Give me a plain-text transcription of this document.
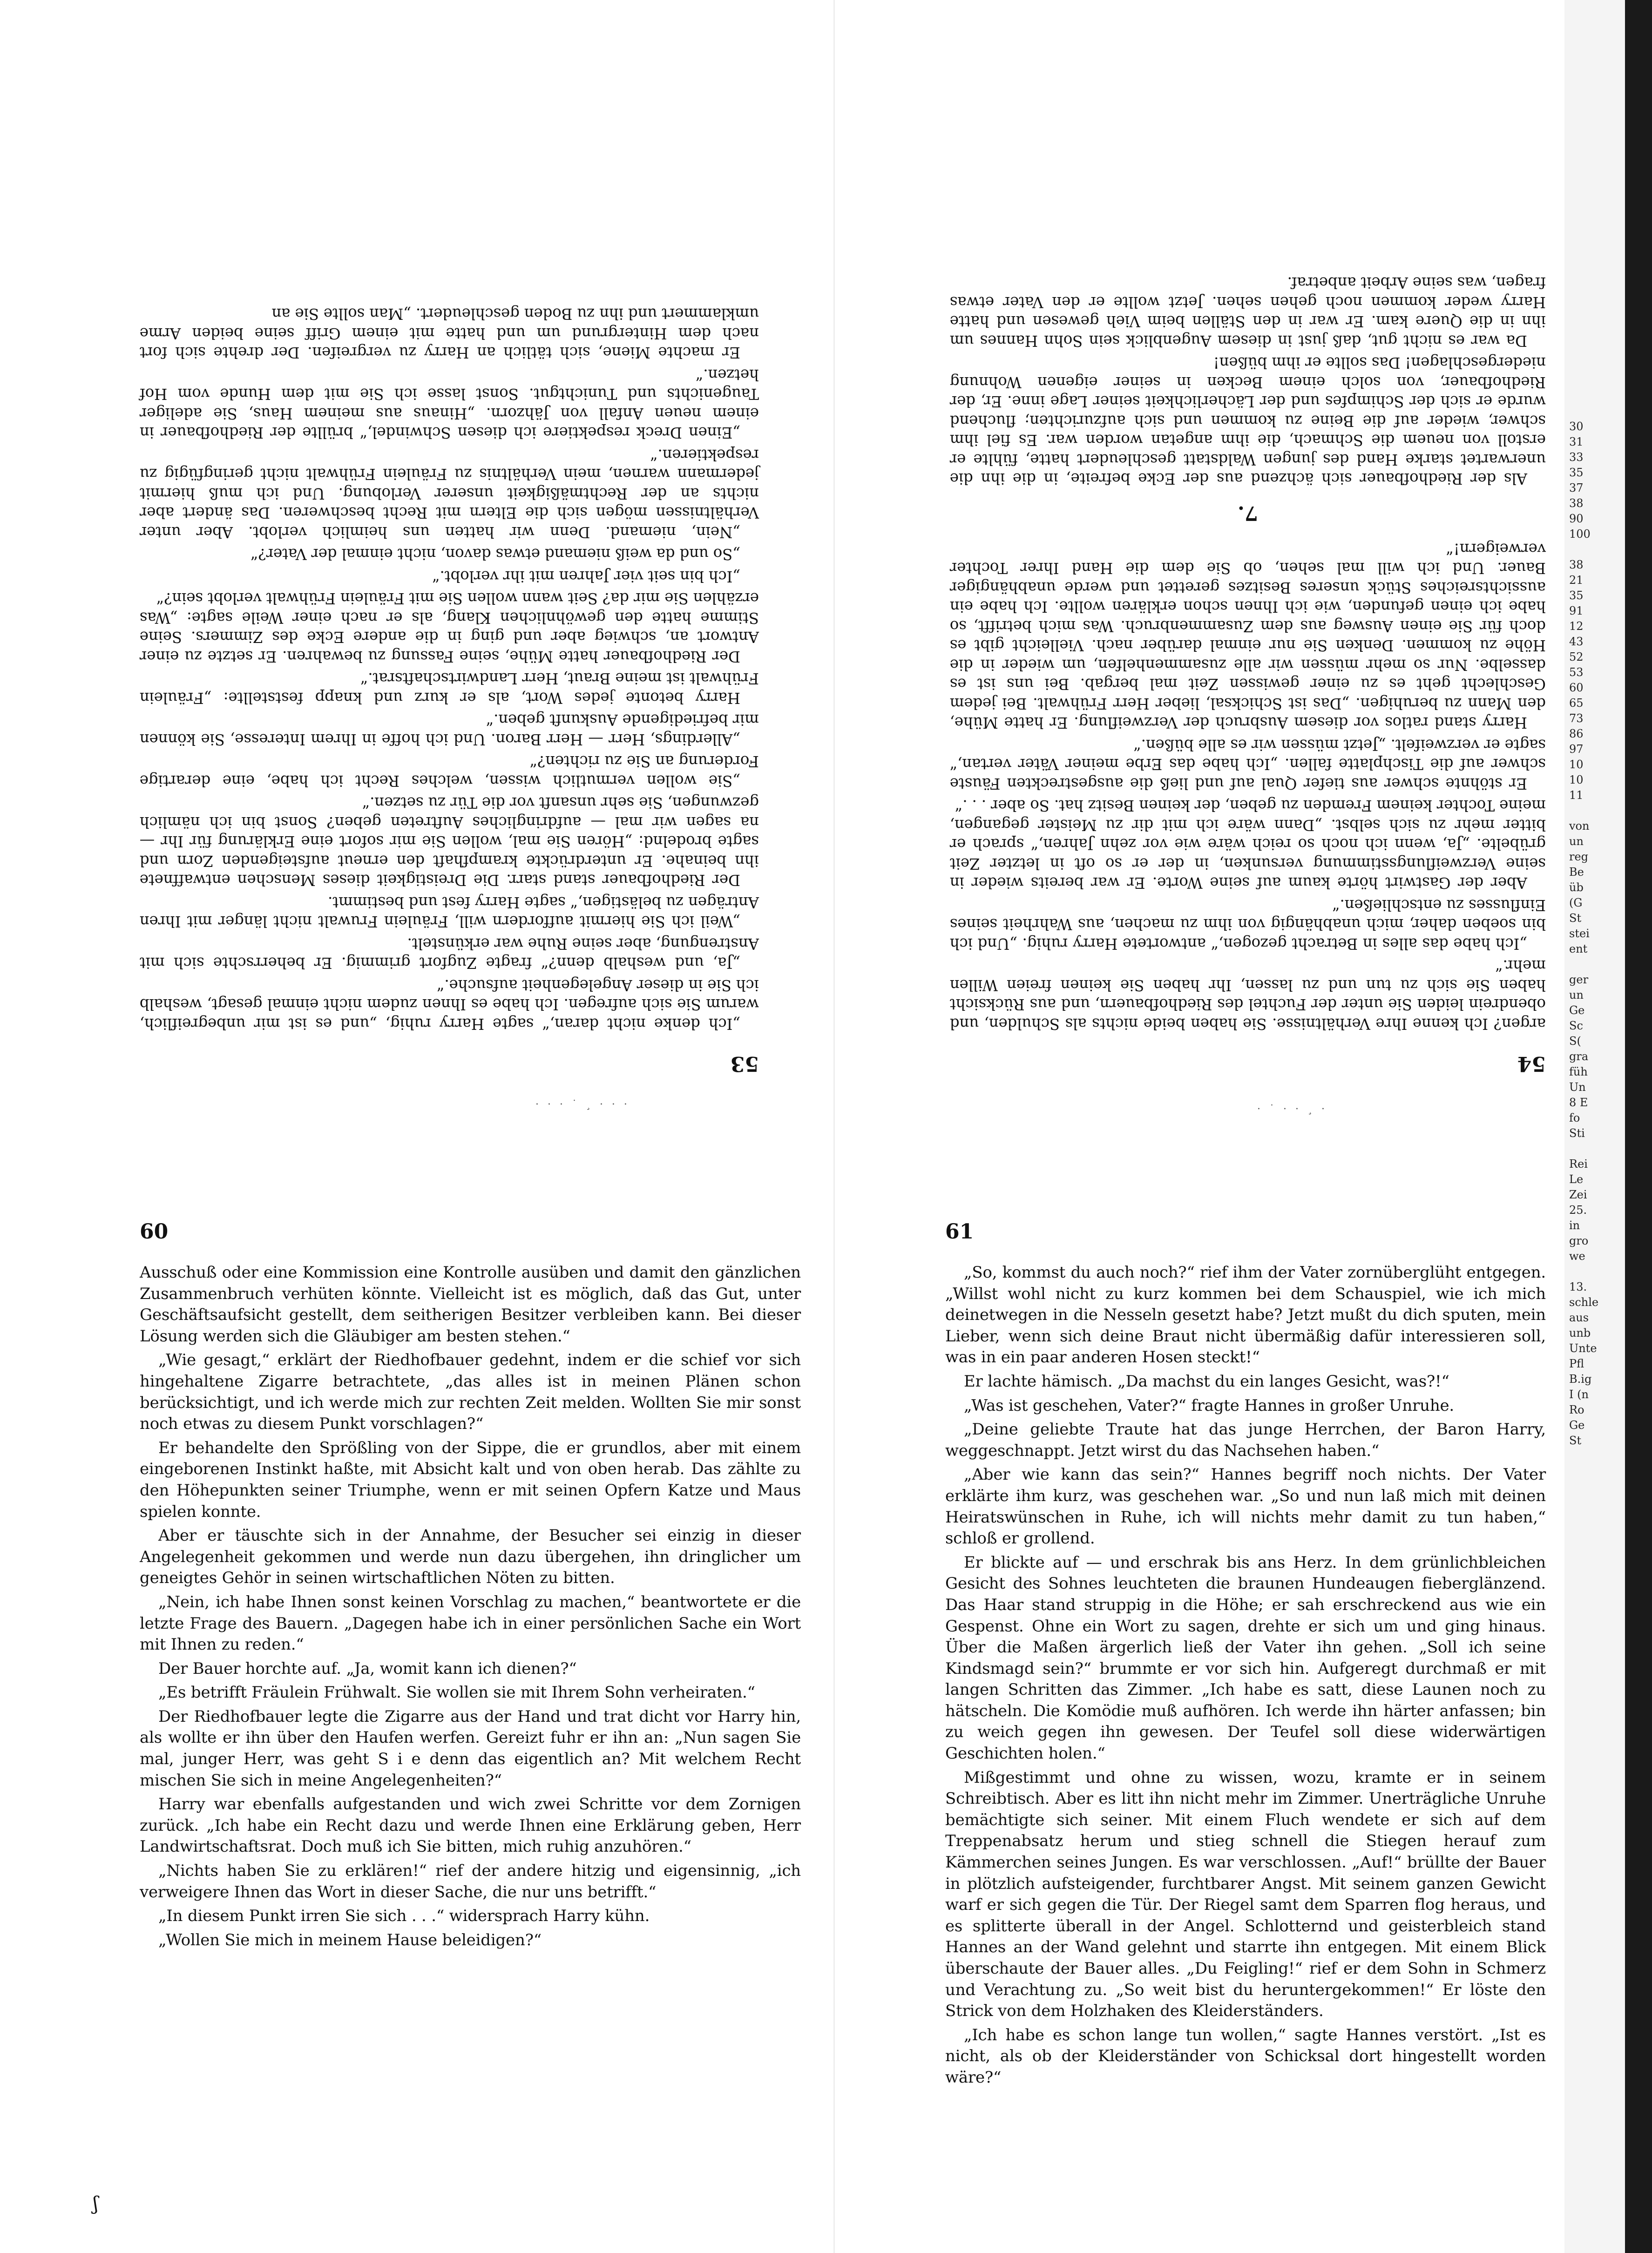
53

„Ich denke nicht daran,“ sagte Harry ruhig, „und es ist mir unbegreiflich, warum Sie sich aufregen. Ich habe es Ihnen zudem nicht einmal gesagt, weshalb ich Sie in dieser Angelegenheit aufsuche.“

„Ja, und weshalb denn?“ fragte Zugfort grimmig. Er beherrschte sich mit Anstrengung, aber seine Ruhe war erkünstelt.

„Weil ich Sie hiermit auffordern will, Fräulein Fruwalt nicht länger mit Ihren Anträgen zu belästigen,“ sagte Harry fest und bestimmt.

Der Riedhofbauer stand starr. Die Dreistigkeit dieses Menschen entwaffnete ihn beinahe. Er unterdrückte krampfhaft den erneut aufsteigenden Zorn und sagte brodelnd: „Hören Sie mal, wollen Sie mir sofort eine Erklärung für Ihr — na sagen wir mal — aufdringliches Auftreten geben? Sonst bin ich nämlich gezwungen, Sie sehr unsanft vor die Tür zu setzen.“

„Sie wollen vermutlich wissen, welches Recht ich habe, eine derartige Forderung an Sie zu richten?“

„Allerdings, Herr — Herr Baron. Und ich hoffe in Ihrem Interesse, Sie können mir befriedigende Auskunft geben.“

Harry betonte jedes Wort, als er kurz und knapp feststellte: „Fräulein Frühwalt ist meine Braut, Herr Landwirtschaftsrat.“

Der Riedhofbauer hatte Mühe, seine Fassung zu bewahren. Er setzte zu einer Antwort an, schwieg aber und ging in die andere Ecke des Zimmers. Seine Stimme hatte den gewöhnlichen Klang, als er nach einer Weile sagte: „Was erzählen Sie mir da? Seit wann wollen Sie mit Fräulein Frühwalt verlobt sein?“

„Ich bin seit vier Jahren mit ihr verlobt.“

„So und da weiß niemand etwas davon, nicht einmal der Vater?“

„Nein, niemand. Denn wir hatten uns heimlich verlobt. Aber unter Verhältnissen mögen sich die Eltern mit Recht beschweren. Das ändert aber nichts an der Rechtmäßigkeit unserer Verlobung. Und ich muß hiermit jedermann warnen, mein Verhältnis zu Fräulein Frühwalt nicht geringfügig zu respektieren.“

„Einen Dreck respektiere ich diesen Schwindel,“ brüllte der Riedhofbauer in einem neuen Anfall von Jähzorn. „Hinaus aus meinem Haus, Sie adeliger Taugenichts und Tunichtgut. Sonst lasse ich Sie mit dem Hunde vom Hof hetzen.“

Er machte Miene, sich tätlich an Harry zu vergreifen. Der drehte sich fort nach dem Hintergrund um und hatte mit einem Griff seine beiden Arme umklammert und ihn zu Boden geschleudert. „Man sollte Sie an

54

argen? Ich kenne Ihre Verhältnisse. Sie haben beide nichts als Schulden, und obendrein leiden Sie unter der Fuchtel des Riedhofbauern, und aus Rücksicht haben Sie sich zu tun und zu lassen, Ihr haben Sie keinen freien Willen mehr.“

„Ich habe das alles in Betracht gezogen,“ antwortete Harry ruhig. „Und ich bin soeben daher, mich unabhängig von ihm zu machen, aus Wahrheit seines Einflusses zu entschließen.“

Aber der Gastwirt hörte kaum auf seine Worte. Er war bereits wieder in seine Verzweiflungsstimmung versunken, in der er so oft in letzter Zeit grübelte. „Ja, wenn ich noch so reich wäre wie vor zehn Jahren,“ sprach er bitter mehr zu sich selbst. „Dann wäre ich mit dir zu Meister gegangen, meine Tochter keinem Fremden zu geben, der keinen Besitz hat. So aber . . .“

Er stöhnte schwer aus tiefer Qual auf und ließ die ausgestreckten Fäuste schwer auf die Tischplatte fallen. „Ich habe das Erbe meiner Väter vertan,“ sagte er verzweifelt. „Jetzt müssen wir es alle büßen.“

Harry stand ratlos vor diesem Ausbruch der Verzweiflung. Er hatte Mühe, den Mann zu beruhigen. „Das ist Schicksal, lieber Herr Frühwalt. Bei jedem Geschlecht geht es zu einer gewissen Zeit mal bergab. Bei uns ist es dasselbe. Nur so mehr müssen wir alle zusammenhelfen, um wieder in die Höhe zu kommen. Denken Sie nur einmal darüber nach. Vielleicht gibt es doch für Sie einen Ausweg aus dem Zusammenbruch. Was mich betrifft, so habe ich einen gefunden, wie ich Ihnen schon erklären wollte. Ich habe ein aussichtsreiches Stück unseres Besitzes gerettet und werde unabhängiger Bauer. Und ich will mal sehen, ob Sie dem die Hand Ihrer Tochter verweigern!“

7.

Als der Riedhofbauer sich ächzend aus der Ecke befreite, in die ihn die unerwartet starke Hand des jungen Waldstatt geschleudert hatte, fühlte er erstoll von neuem die Schmach, die ihm angetan worden war. Es fiel ihm schwer, wieder auf die Beine zu kommen und sich aufzurichten; fluchend wurde er sich der Schimpfes und der Lächerlichkeit seiner Lage inne. Er, der Riedhofbauer, von solch einem Becken in seiner eigenen Wohnung niedergeschlagen! Das sollte er ihm büßen!

Da war es nicht gut, daß just in diesem Augenblick sein Sohn Hannes um ihn in die Quere kam. Er war in den Ställen beim Vieh gewesen und hatte Harry weder kommen noch gehen sehen. Jetzt wollte er den Vater etwas fragen, was seine Arbeit anbetraf.

· · · ˙ ¸ · · ·	· ˙ · · ¸ ·
60

Ausschuß oder eine Kommission eine Kontrolle ausüben und damit den gänzlichen Zusammenbruch verhüten könnte. Vielleicht ist es möglich, daß das Gut, unter Geschäftsaufsicht gestellt, dem seitherigen Besitzer verbleiben kann. Bei dieser Lösung werden sich die Gläubiger am besten stehen.“

„Wie gesagt,“ erklärt der Riedhofbauer gedehnt, indem er die schief vor sich hingehaltene Zigarre betrachtete, „das alles ist in meinen Plänen schon berücksichtigt, und ich werde mich zur rechten Zeit melden. Wollten Sie mir sonst noch etwas zu diesem Punkt vorschlagen?“

Er behandelte den Sprößling von der Sippe, die er grundlos, aber mit einem eingeborenen Instinkt haßte, mit Absicht kalt und von oben herab. Das zählte zu den Höhepunkten seiner Triumphe, wenn er mit seinen Opfern Katze und Maus spielen konnte.

Aber er täuschte sich in der Annahme, der Besucher sei einzig in dieser Angelegenheit gekommen und werde nun dazu übergehen, ihn dringlicher um geneigtes Gehör in seinen wirtschaftlichen Nöten zu bitten.

„Nein, ich habe Ihnen sonst keinen Vorschlag zu machen,“ beantwortete er die letzte Frage des Bauern. „Dagegen habe ich in einer persönlichen Sache ein Wort mit Ihnen zu reden.“

Der Bauer horchte auf. „Ja, womit kann ich dienen?“

„Es betrifft Fräulein Frühwalt. Sie wollen sie mit Ihrem Sohn verheiraten.“

Der Riedhofbauer legte die Zigarre aus der Hand und trat dicht vor Harry hin, als wollte er ihn über den Haufen werfen. Gereizt fuhr er ihn an: „Nun sagen Sie mal, junger Herr, was geht S i e denn das eigentlich an? Mit welchem Recht mischen Sie sich in meine Angelegenheiten?“

Harry war ebenfalls aufgestanden und wich zwei Schritte vor dem Zornigen zurück. „Ich habe ein Recht dazu und werde Ihnen eine Erklärung geben, Herr Landwirtschaftsrat. Doch muß ich Sie bitten, mich ruhig anzuhören.“

„Nichts haben Sie zu erklären!“ rief der andere hitzig und eigensinnig, „ich verweigere Ihnen das Wort in dieser Sache, die nur uns betrifft.“

„In diesem Punkt irren Sie sich . . .“ widersprach Harry kühn.

„Wollen Sie mich in meinem Hause beleidigen?“

61

„So, kommst du auch noch?“ rief ihm der Vater zornüberglüht entgegen. „Willst wohl nicht zu kurz kommen bei dem Schauspiel, wie ich mich deinetwegen in die Nesseln gesetzt habe? Jetzt mußt du dich sputen, mein Lieber, wenn sich deine Braut nicht übermäßig dafür interessieren soll, was in ein paar anderen Hosen steckt!“

Er lachte hämisch. „Da machst du ein langes Gesicht, was?!“

„Was ist geschehen, Vater?“ fragte Hannes in großer Unruhe.

„Deine geliebte Traute hat das junge Herrchen, der Baron Harry, weggeschnappt. Jetzt wirst du das Nachsehen haben.“

„Aber wie kann das sein?“ Hannes begriff noch nichts. Der Vater erklärte ihm kurz, was geschehen war. „So und nun laß mich mit deinen Heiratswünschen in Ruhe, ich will nichts mehr damit zu tun haben,“ schloß er grollend.

Er blickte auf — und erschrak bis ans Herz. In dem grünlichbleichen Gesicht des Sohnes leuchteten die braunen Hundeaugen fieberglänzend. Das Haar stand struppig in die Höhe; er sah erschreckend aus wie ein Gespenst. Ohne ein Wort zu sagen, drehte er sich um und ging hinaus. Über die Maßen ärgerlich ließ der Vater ihn gehen. „Soll ich seine Kindsmagd sein?“ brummte er vor sich hin. Aufgeregt durchmaß er mit langen Schritten das Zimmer. „Ich habe es satt, diese Launen noch zu hätscheln. Die Komödie muß aufhören. Ich werde ihn härter anfassen; bin zu weich gegen ihn gewesen. Der Teufel soll diese widerwärtigen Geschichten holen.“

Mißgestimmt und ohne zu wissen, wozu, kramte er in seinem Schreibtisch. Aber es litt ihn nicht mehr im Zimmer. Unerträgliche Unruhe bemächtigte sich seiner. Mit einem Fluch wendete er sich auf dem Treppenabsatz herum und stieg schnell die Stiegen herauf zum Kämmerchen seines Jungen. Es war verschlossen. „Auf!“ brüllte der Bauer in plötzlich aufsteigender, furchtbarer Angst. Mit seinem ganzen Gewicht warf er sich gegen die Tür. Der Riegel samt dem Sparren flog heraus, und es splitterte überall in der Angel. Schlotternd und geisterbleich stand Hannes an der Wand gelehnt und starrte ihn entgegen. Mit einem Blick überschaute der Bauer alles. „Du Feigling!“ rief er dem Sohn in Schmerz und Verachtung zu. „So weit bist du heruntergekommen!“ Er löste den Strick von dem Holzhaken des Kleiderständers.

„Ich habe es schon lange tun wollen,“ sagte Hannes verstört. „Ist es nicht, als ob der Kleiderständer von Schicksal dort hingestellt worden wäre?“

ʃ
30
31
33
35
37
38
90
100

38
21
35
91
12
43
52
53
60
65
73
86
97
10
10
11

von
un
reg
Be
üb
(G
St
stei
ent

ger
un
Ge
Sc
S(
gra
füh
Un
8 E
fo
Sti

Rei
Le
Zei
25.
in
gro
we

13.
schle
aus
unb
Unte
Pfl
B.ig
I (n
Ro
Ge
St
